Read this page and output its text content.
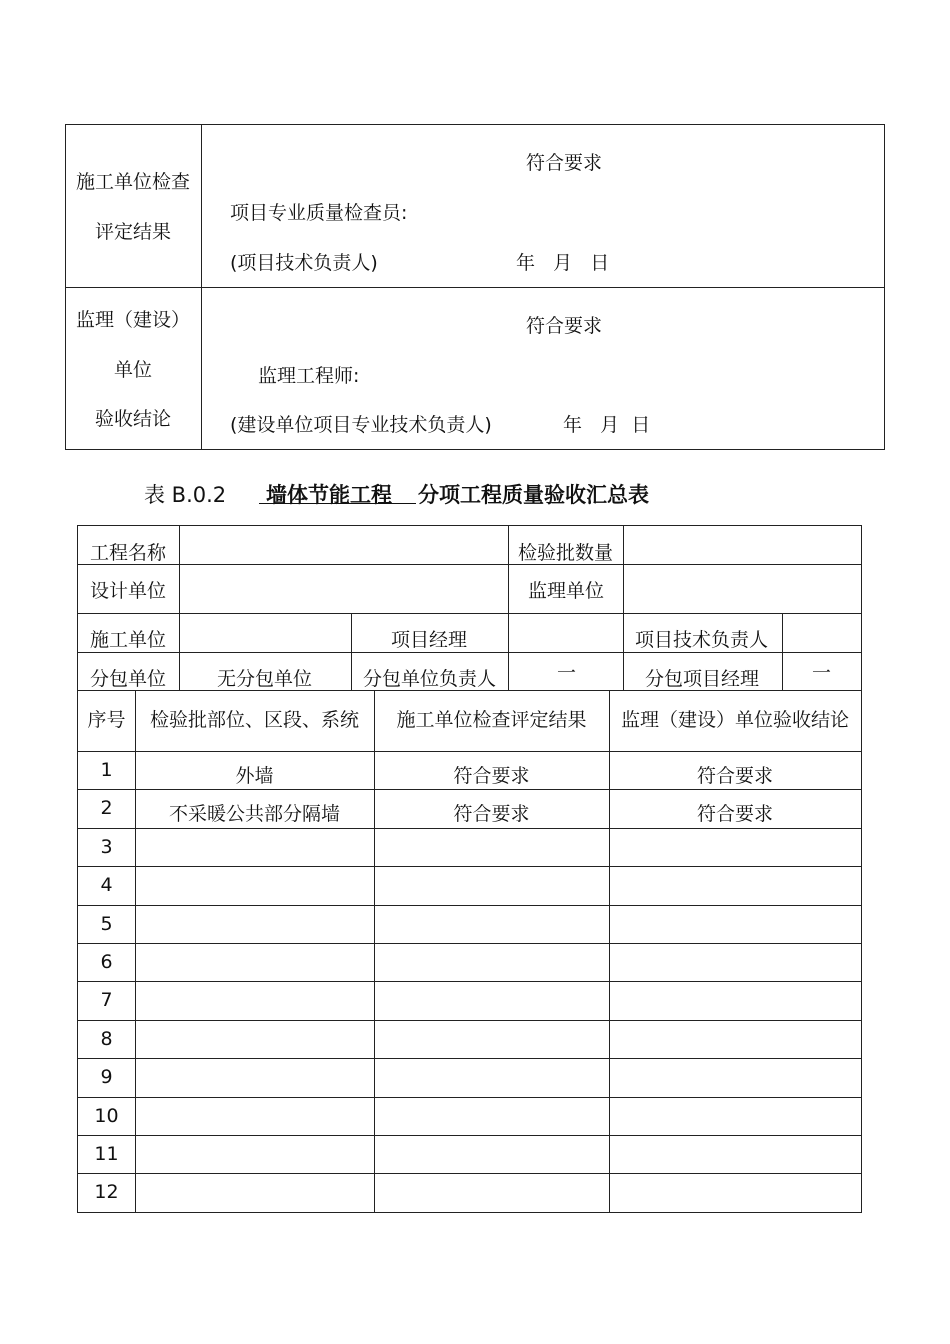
施工单位检查
评定结果
符合要求
项目专业质量检查员:
(项目技术负责人)	年   月   日
监理（建设）
单位
验收结论
符合要求
监理工程师:
(建设单位项目专业技术负责人)	年   月  日
表 B.0.2 墙体节能工程 分项工程质量验收汇总表
工程名称	检验批数量
设计单位	监理单位
施工单位	项目经理	项目技术负责人
分包单位	无分包单位	分包单位负责人	一	分包项目经理	一
序号	检验批部位、区段、系统	施工单位检查评定结果	监理（建设）单位验收结论
1	外墙	符合要求	符合要求
2	不采暖公共部分隔墙	符合要求	符合要求
3
4
5
6
7
8
9
10
11
12
